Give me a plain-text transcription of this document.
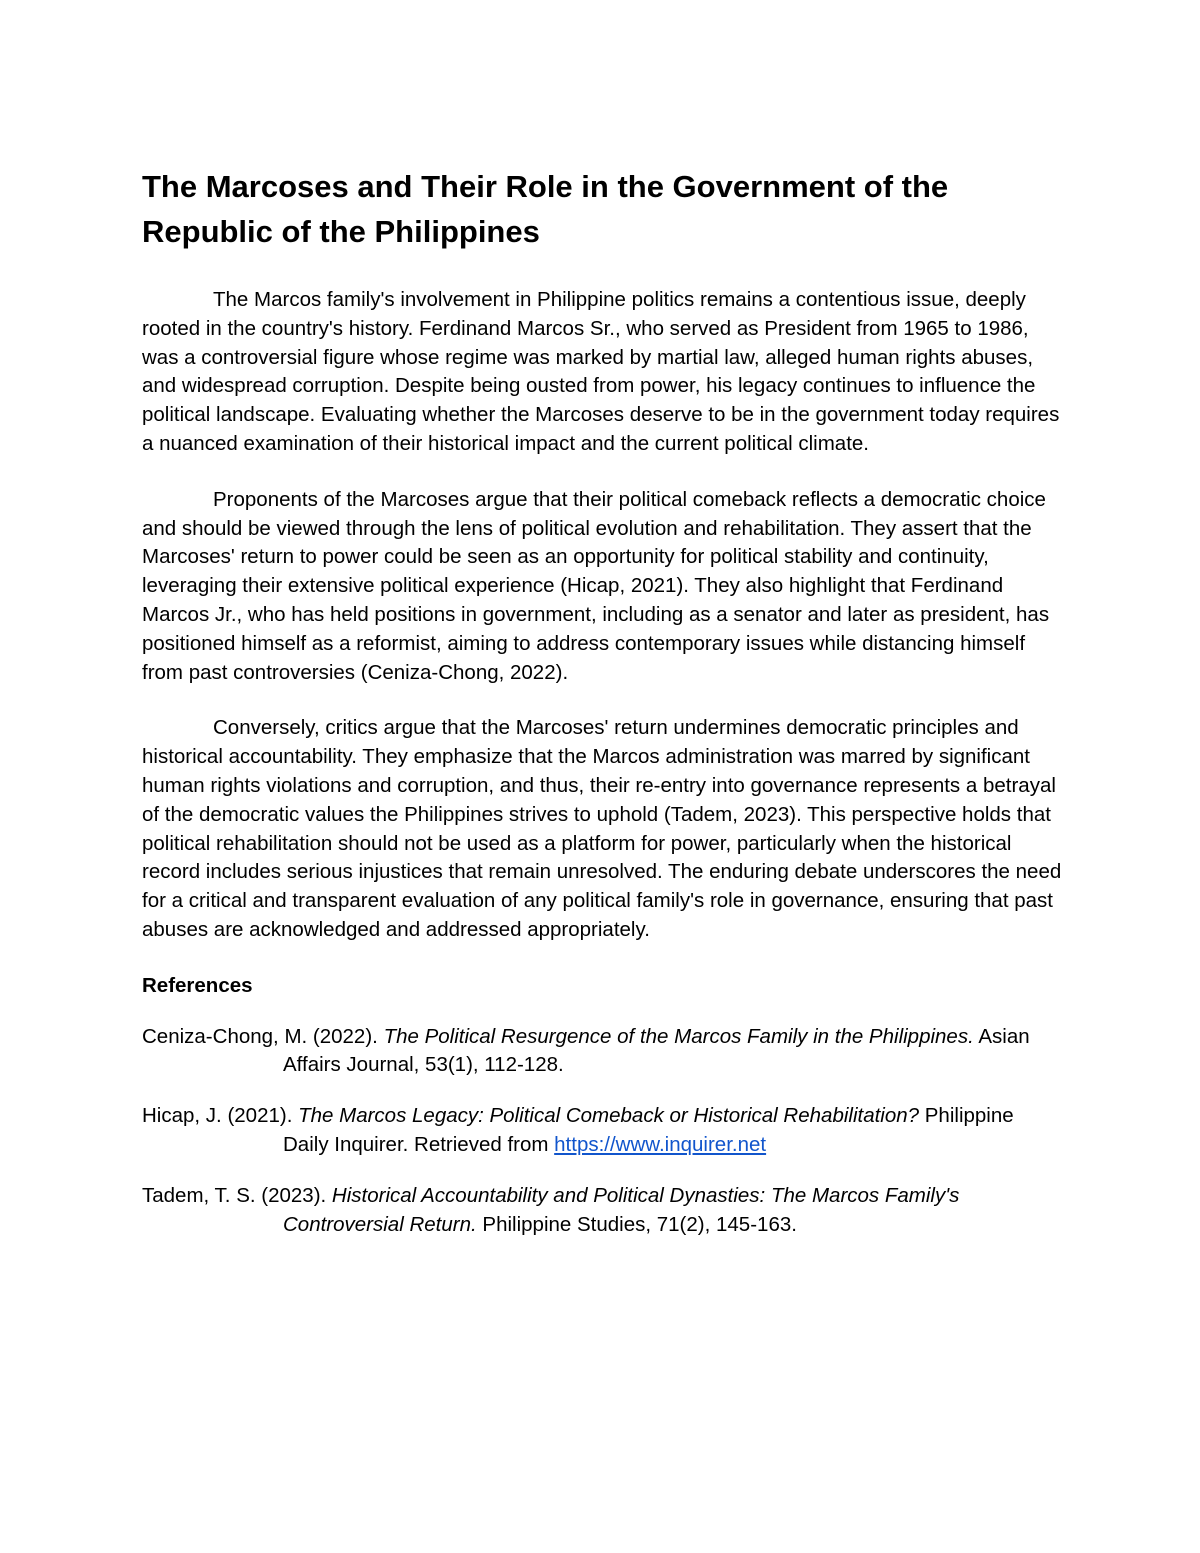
The Marcoses and Their Role in the Government of the Republic of the Philippines

The Marcos family's involvement in Philippine politics remains a contentious issue, deeply rooted in the country's history. Ferdinand Marcos Sr., who served as President from 1965 to 1986, was a controversial figure whose regime was marked by martial law, alleged human rights abuses, and widespread corruption. Despite being ousted from power, his legacy continues to influence the political landscape. Evaluating whether the Marcoses deserve to be in the government today requires a nuanced examination of their historical impact and the current political climate.

Proponents of the Marcoses argue that their political comeback reflects a democratic choice and should be viewed through the lens of political evolution and rehabilitation. They assert that the Marcoses' return to power could be seen as an opportunity for political stability and continuity, leveraging their extensive political experience (Hicap, 2021). They also highlight that Ferdinand Marcos Jr., who has held positions in government, including as a senator and later as president, has positioned himself as a reformist, aiming to address contemporary issues while distancing himself from past controversies (Ceniza-Chong, 2022).

Conversely, critics argue that the Marcoses' return undermines democratic principles and historical accountability. They emphasize that the Marcos administration was marred by significant human rights violations and corruption, and thus, their re-entry into governance represents a betrayal of the democratic values the Philippines strives to uphold (Tadem, 2023). This perspective holds that political rehabilitation should not be used as a platform for power, particularly when the historical record includes serious injustices that remain unresolved. The enduring debate underscores the need for a critical and transparent evaluation of any political family's role in governance, ensuring that past abuses are acknowledged and addressed appropriately.

References
Ceniza-Chong, M. (2022). The Political Resurgence of the Marcos Family in the Philippines. Asian Affairs Journal, 53(1), 112-128.
Hicap, J. (2021). The Marcos Legacy: Political Comeback or Historical Rehabilitation? Philippine Daily Inquirer. Retrieved from https://www.inquirer.net
Tadem, T. S. (2023). Historical Accountability and Political Dynasties: The Marcos Family's Controversial Return. Philippine Studies, 71(2), 145-163.
